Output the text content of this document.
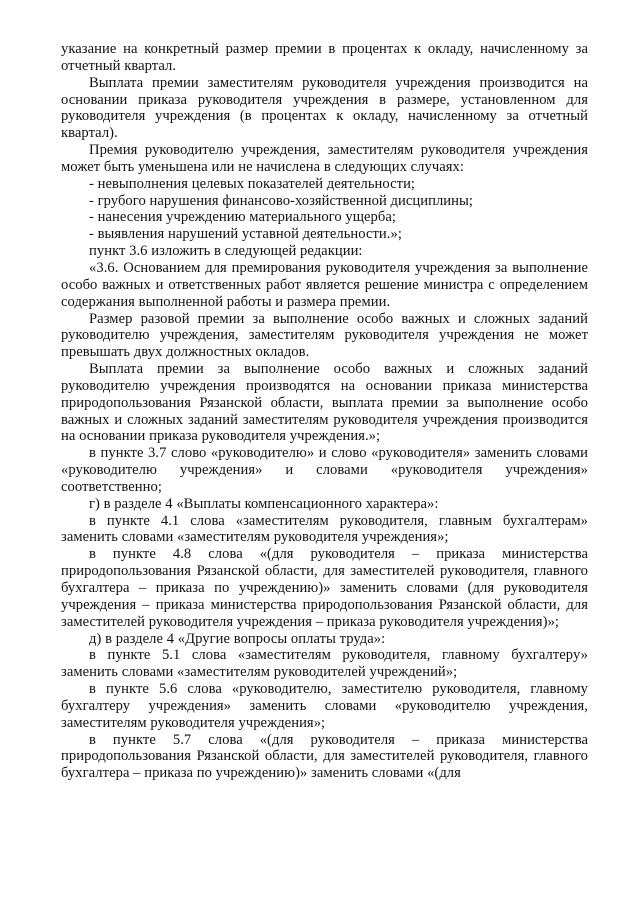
указание на конкретный размер премии в процентах к окладу, начисленному за отчетный квартал.

Выплата премии заместителям руководителя учреждения производится на основании приказа руководителя учреждения в размере, установленном для руководителя учреждения (в процентах к окладу, начисленному за отчетный квартал).

Премия руководителю учреждения, заместителям руководителя учреждения может быть уменьшена или не начислена в следующих случаях:

- невыполнения целевых показателей деятельности;

- грубого нарушения финансово-хозяйственной дисциплины;

- нанесения учреждению материального ущерба;

- выявления нарушений уставной деятельности.»;

пункт 3.6 изложить в следующей редакции:

«3.6. Основанием для премирования руководителя учреждения за выполнение особо важных и ответственных работ является решение министра с определением содержания выполненной работы и размера премии.

Размер разовой премии за выполнение особо важных и сложных заданий руководителю учреждения, заместителям руководителя учреждения не может превышать двух должностных окладов.

Выплата премии за выполнение особо важных и сложных заданий руководителю учреждения производятся на основании приказа министерства природопользования Рязанской области, выплата премии за выполнение особо важных и сложных заданий заместителям руководителя учреждения производится на основании приказа руководителя учреждения.»;

в пункте 3.7 слово «руководителю» и слово «руководителя» заменить словами «руководителю учреждения» и словами «руководителя учреждения» соответственно;

г) в разделе 4 «Выплаты компенсационного характера»:

в пункте 4.1 слова «заместителям руководителя, главным бухгалтерам» заменить словами «заместителям руководителя учреждения»;

в пункте 4.8 слова «(для руководителя – приказа министерства природопользования Рязанской области, для заместителей руководителя, главного бухгалтера – приказа по учреждению)» заменить словами (для руководителя учреждения – приказа министерства природопользования Рязанской области, для заместителей руководителя учреждения – приказа руководителя учреждения)»;

д) в разделе 4 «Другие вопросы оплаты труда»:

в пункте 5.1 слова «заместителям руководителя, главному бухгалтеру» заменить словами «заместителям руководителей учреждений»;

в пункте 5.6 слова «руководителю, заместителю руководителя, главному бухгалтеру учреждения» заменить словами «руководителю учреждения, заместителям руководителя учреждения»;

в пункте 5.7 слова «(для руководителя – приказа министерства природопользования Рязанской области, для заместителей руководителя, главного бухгалтера – приказа по учреждению)» заменить словами «(для
